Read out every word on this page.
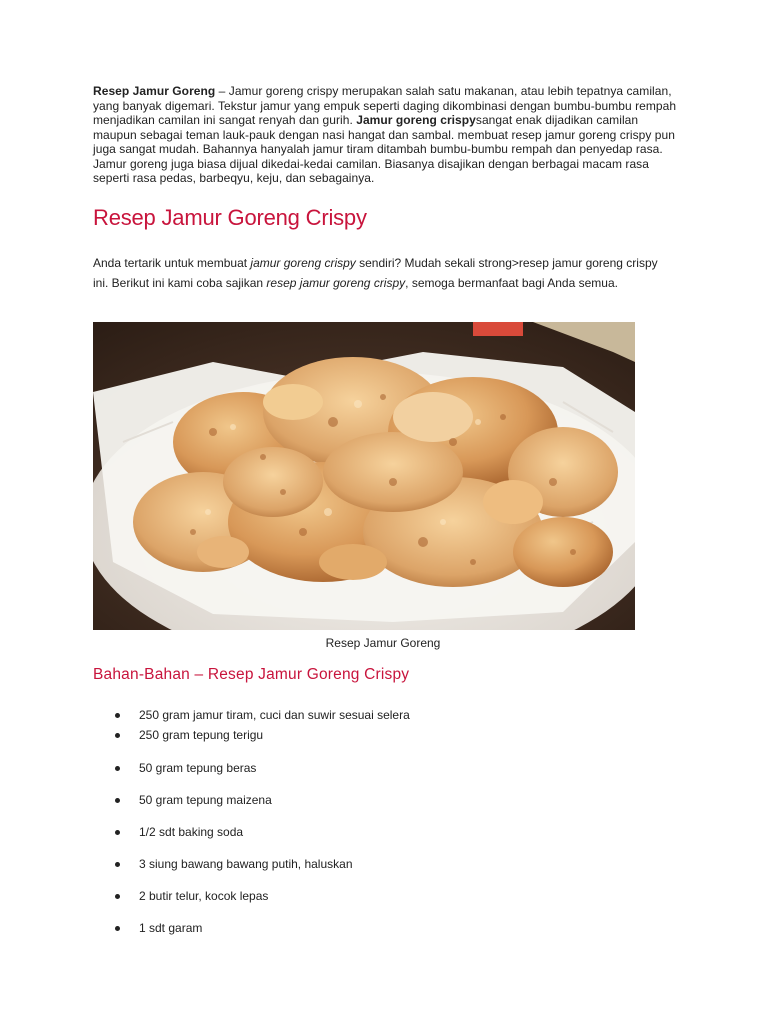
Resep Jamur Goreng – Jamur goreng crispy merupakan salah satu makanan, atau lebih tepatnya camilan, yang banyak digemari. Tekstur jamur yang empuk seperti daging dikombinasi dengan bumbu-bumbu rempah menjadikan camilan ini sangat renyah dan gurih. Jamur goreng crispysangat enak dijadikan camilan maupun sebagai teman lauk-pauk dengan nasi hangat dan sambal. membuat resep jamur goreng crispy pun juga sangat mudah. Bahannya hanyalah jamur tiram ditambah bumbu-bumbu rempah dan penyedap rasa. Jamur goreng juga biasa dijual dikedai-kedai camilan. Biasanya disajikan dengan berbagai macam rasa seperti rasa pedas, barbeqyu, keju, dan sebagainya.

Resep Jamur Goreng Crispy

Anda tertarik untuk membuat jamur goreng crispy sendiri? Mudah sekali strong>resep jamur goreng crispy ini. Berikut ini kami coba sajikan resep jamur goreng crispy, semoga bermanfaat bagi Anda semua.

Resep Jamur Goreng
Bahan-Bahan – Resep Jamur Goreng Crispy
250 gram jamur tiram, cuci dan suwir sesuai selera
250 gram tepung terigu
50 gram tepung beras
50 gram tepung maizena
1/2 sdt baking soda
3 siung bawang bawang putih, haluskan
2 butir telur, kocok lepas
1 sdt garam
